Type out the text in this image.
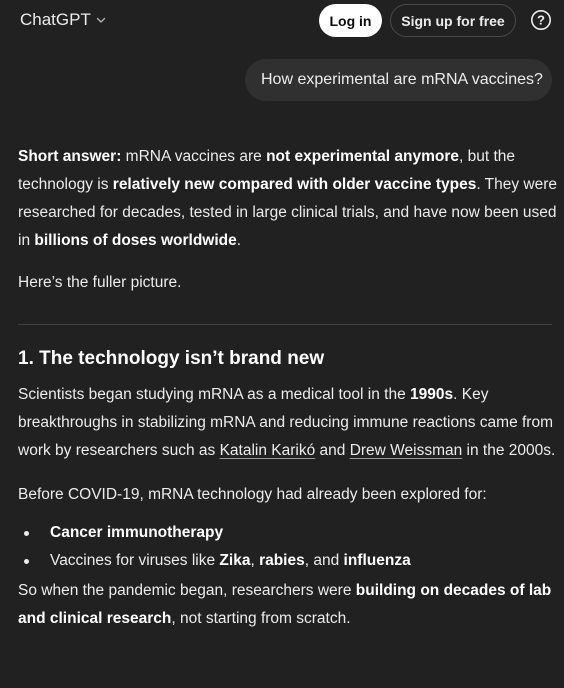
ChatGPT	Log in	Sign up for free	?
How experimental are mRNA vaccines?

Short answer: mRNA vaccines are not experimental anymore, but the technology is relatively new compared with older vaccine types. They were researched for decades, tested in large clinical trials, and have now been used in billions of doses worldwide.

Here’s the fuller picture.

1. The technology isn’t brand new

Scientists began studying mRNA as a medical tool in the 1990s. Key breakthroughs in stabilizing mRNA and reducing immune reactions came from work by researchers such as Katalin Karikó and Drew Weissman in the 2000s.

Before COVID-19, mRNA technology had already been explored for:

Cancer immunotherapy
Vaccines for viruses like Zika, rabies, and influenza

So when the pandemic began, researchers were building on decades of lab and clinical research, not starting from scratch.
